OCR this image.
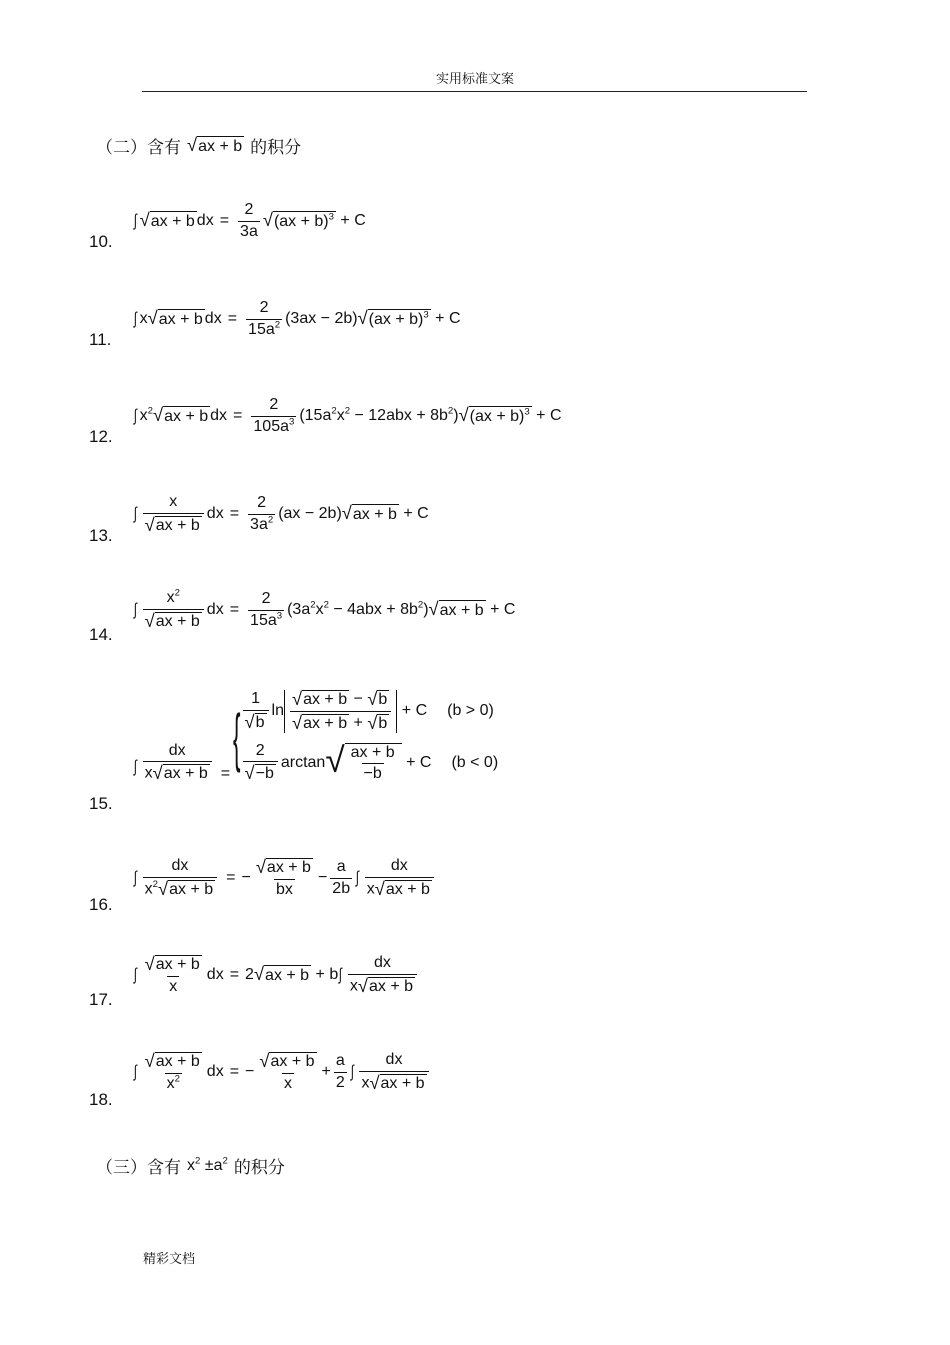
实用标准文案
（二）含有 √ ax + b 的积分
10.
∫ √ ax + b dx = $\frac{2}{3a}$ √ (ax + b)$^3$ + C
11.
∫ x √ ax + b dx = $\frac{2}{15a^2} (3ax - 2b)$ √ (ax + b)$^3$ + C
12.
∫ $x^2$ √ ax + b dx = $\frac{2}{105a^3} (15a^2x^2 - 12abx + 8b^2)$ √ (ax + b)$^3$ + C
13.
∫
x
√ ax + b
dx = $\frac{2}{3a^2} (ax - 2b)$ √ ax + b + C
14.
∫
$x^2$
√ ax + b
dx = $\frac{2}{15a^3} (3a^2x^2 - 4abx + 8b^2)$ √ ax + b + C
15.
∫ $\frac{dx}{x √ ax + b}$ =
{
1
√ b
ln
√ ax + b − √ b
√ ax + b + √ b
+ C (b > 0)
2
√ −b
arctan √ $\frac{ax + b}{-b} + C$ (b < 0)
16.
∫ $\frac{dx}{x^2 √ ax + b}$ = − $\frac{√ ax + b}{bx} - \frac{a}{2b}$ ∫
dx
x √ ax + b
17.
∫
√ ax + b
x
dx = 2 √ ax + b + b ∫
dx
x √ ax + b
18.
∫
√ ax + b
$x^2$ dx = − $\frac{√ ax + b}{x} + \frac{a}{2}$ ∫
dx
x √ ax + b
（三）含有 $x^2 \pm a^2$ 的积分
精彩文档
